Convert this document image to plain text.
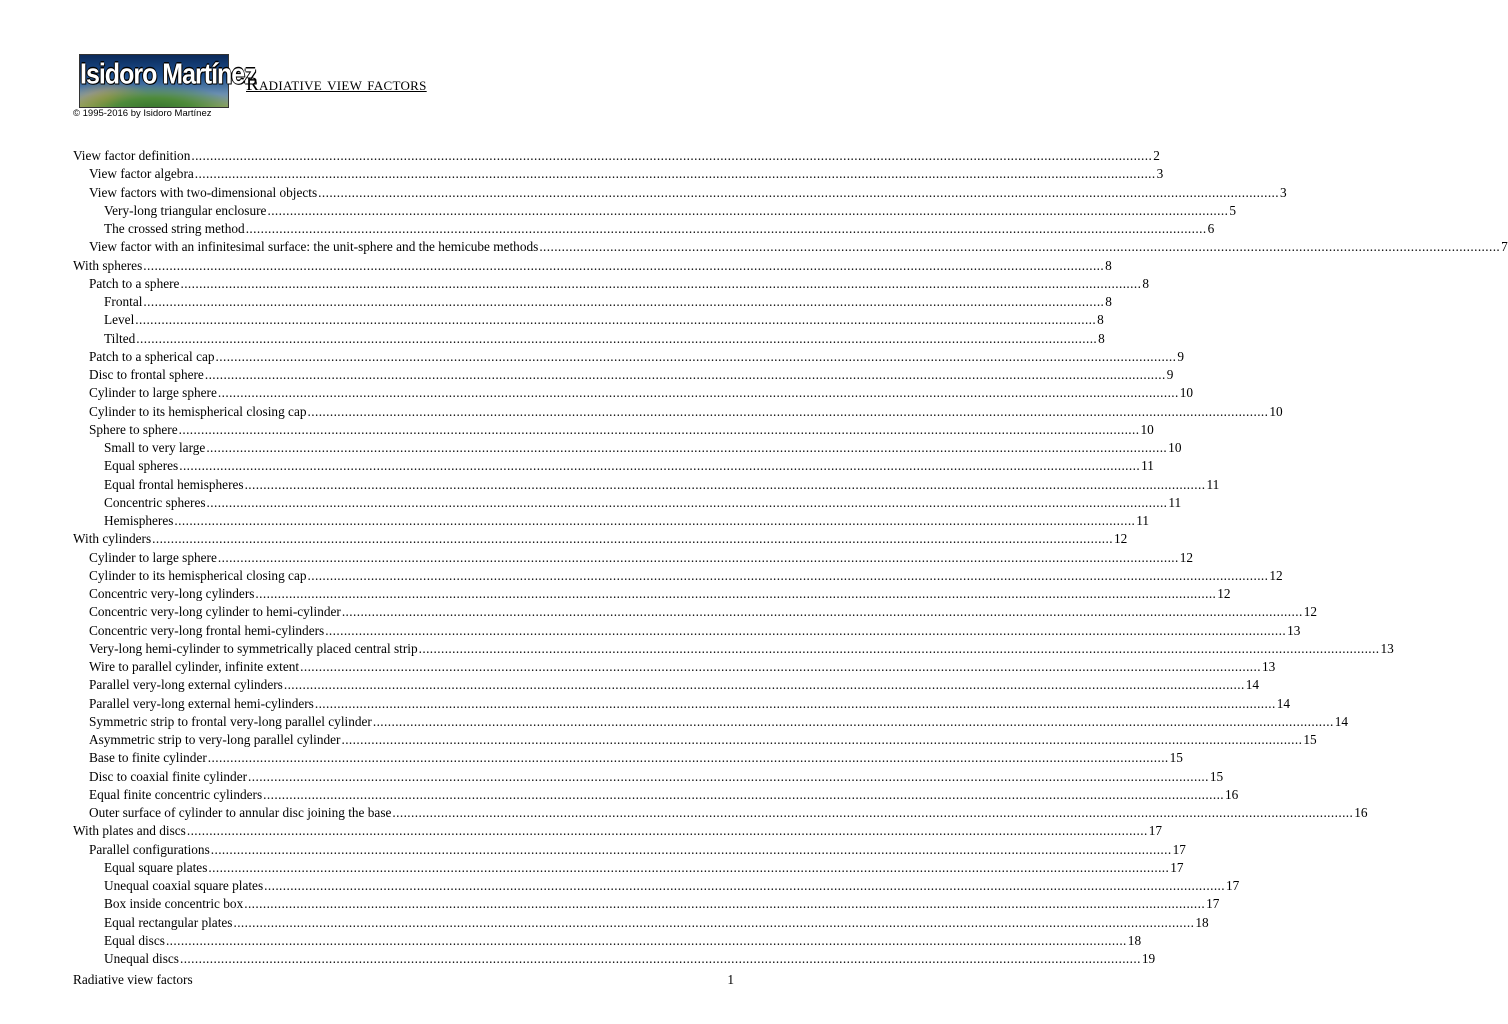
Isidoro Martínez
© 1995-2016 by Isidoro Martínez
Radiative view factors
View factor definition .....	2
View factor algebra .....	3
View factors with two-dimensional objects .....	3
Very-long triangular enclosure .....	5
The crossed string method .....	6
View factor with an infinitesimal surface: the unit-sphere and the hemicube methods .....	7
With spheres .....	8
Patch to a sphere .....	8
Frontal .....	8
Level .....	8
Tilted .....	8
Patch to a spherical cap .....	9
Disc to frontal sphere .....	9
Cylinder to large sphere .....	10
Cylinder to its hemispherical closing cap .....	10
Sphere to sphere .....	10
Small to very large .....	10
Equal spheres .....	11
Equal frontal hemispheres .....	11
Concentric spheres .....	11
Hemispheres .....	11
With cylinders .....	12
Cylinder to large sphere .....	12
Cylinder to its hemispherical closing cap .....	12
Concentric very-long cylinders .....	12
Concentric very-long cylinder to hemi-cylinder .....	12
Concentric very-long frontal hemi-cylinders .....	13
Very-long hemi-cylinder to symmetrically placed central strip .....	13
Wire to parallel cylinder, infinite extent .....	13
Parallel very-long external cylinders .....	14
Parallel very-long external hemi-cylinders .....	14
Symmetric strip to frontal very-long parallel cylinder .....	14
Asymmetric strip to very-long parallel cylinder .....	15
Base to finite cylinder .....	15
Disc to coaxial finite cylinder .....	15
Equal finite concentric cylinders .....	16
Outer surface of cylinder to annular disc joining the base .....	16
With plates and discs .....	17
Parallel configurations .....	17
Equal square plates .....	17
Unequal coaxial square plates .....	17
Box inside concentric box .....	17
Equal rectangular plates .....	18
Equal discs .....	18
Unequal discs .....	19
Radiative view factors	1
